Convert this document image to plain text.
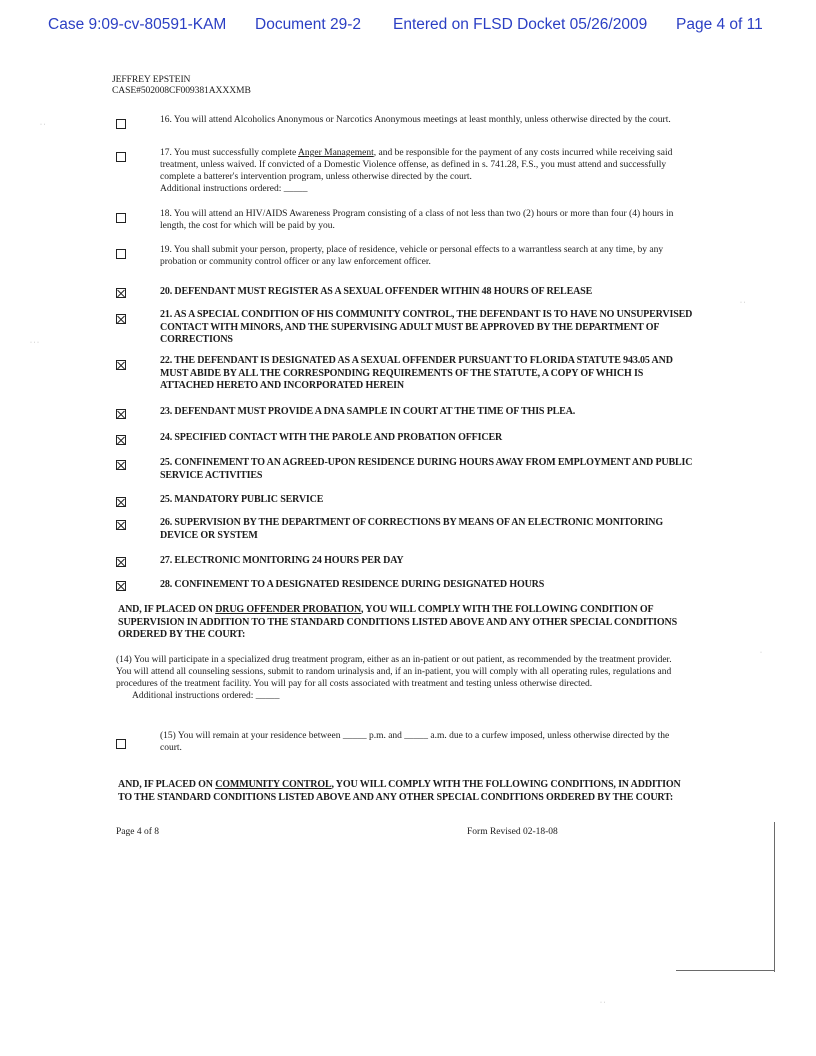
Case 9:09-cv-80591-KAM Document 29-2 Entered on FLSD Docket 05/26/2009 Page 4 of 11
JEFFREY EPSTEIN
CASE#502008CF009381AXXXMB
16. You will attend Alcoholics Anonymous or Narcotics Anonymous meetings at least monthly, unless otherwise directed by the court.
17. You must successfully complete Anger Management, and be responsible for the payment of any costs incurred while receiving said treatment, unless waived. If convicted of a Domestic Violence offense, as defined in s. 741.28, F.S., you must attend and successfully complete a batterer's intervention program, unless otherwise directed by the court.
Additional instructions ordered: _____
18. You will attend an HIV/AIDS Awareness Program consisting of a class of not less than two (2) hours or more than four (4) hours in length, the cost for which will be paid by you.
19. You shall submit your person, property, place of residence, vehicle or personal effects to a warrantless search at any time, by any probation or community control officer or any law enforcement officer.
20. DEFENDANT MUST REGISTER AS A SEXUAL OFFENDER WITHIN 48 HOURS OF RELEASE
21. AS A SPECIAL CONDITION OF HIS COMMUNITY CONTROL, THE DEFENDANT IS TO HAVE NO UNSUPERVISED CONTACT WITH MINORS, AND THE SUPERVISING ADULT MUST BE APPROVED BY THE DEPARTMENT OF CORRECTIONS
22. THE DEFENDANT IS DESIGNATED AS A SEXUAL OFFENDER PURSUANT TO FLORIDA STATUTE 943.05 AND MUST ABIDE BY ALL THE CORRESPONDING REQUIREMENTS OF THE STATUTE, A COPY OF WHICH IS ATTACHED HERETO AND INCORPORATED HEREIN
23. DEFENDANT MUST PROVIDE A DNA SAMPLE IN COURT AT THE TIME OF THIS PLEA.
24. SPECIFIED CONTACT WITH THE PAROLE AND PROBATION OFFICER
25. CONFINEMENT TO AN AGREED-UPON RESIDENCE DURING HOURS AWAY FROM EMPLOYMENT AND PUBLIC SERVICE ACTIVITIES
25. MANDATORY PUBLIC SERVICE
26. SUPERVISION BY THE DEPARTMENT OF CORRECTIONS BY MEANS OF AN ELECTRONIC MONITORING DEVICE OR SYSTEM
27. ELECTRONIC MONITORING 24 HOURS PER DAY
28. CONFINEMENT TO A DESIGNATED RESIDENCE DURING DESIGNATED HOURS
AND, IF PLACED ON DRUG OFFENDER PROBATION, YOU WILL COMPLY WITH THE FOLLOWING CONDITION OF SUPERVISION IN ADDITION TO THE STANDARD CONDITIONS LISTED ABOVE AND ANY OTHER SPECIAL CONDITIONS ORDERED BY THE COURT:
(14) You will participate in a specialized drug treatment program, either as an in-patient or out patient, as recommended by the treatment provider. You will attend all counseling sessions, submit to random urinalysis and, if an in-patient, you will comply with all operating rules, regulations and procedures of the treatment facility. You will pay for all costs associated with treatment and testing unless otherwise directed.
Additional instructions ordered: _____
(15) You will remain at your residence between _____ p.m. and _____ a.m. due to a curfew imposed, unless otherwise directed by the court.
AND, IF PLACED ON COMMUNITY CONTROL, YOU WILL COMPLY WITH THE FOLLOWING CONDITIONS, IN ADDITION TO THE STANDARD CONDITIONS LISTED ABOVE AND ANY OTHER SPECIAL CONDITIONS ORDERED BY THE COURT:
Page 4 of 8	Form Revised 02-18-08
· ·
· · ·
· ·
·
· ·
